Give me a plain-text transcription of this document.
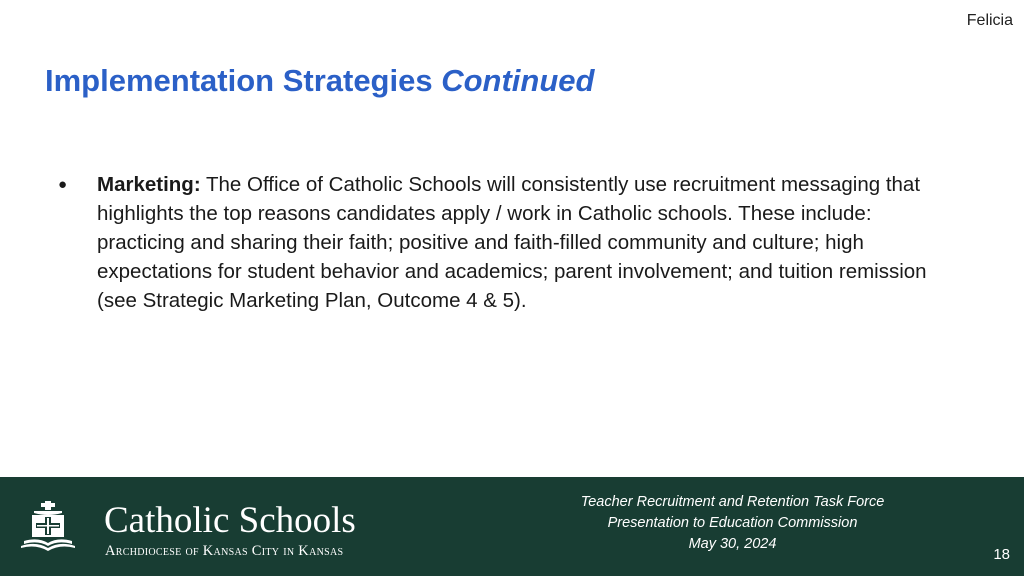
Felicia
Implementation Strategies Continued
● Marketing: The Office of Catholic Schools will consistently use recruitment messaging that highlights the top reasons candidates apply / work in Catholic schools. These include: practicing and sharing their faith; positive and faith-filled community and culture; high expectations for student behavior and academics; parent involvement; and tuition remission (see Strategic Marketing Plan, Outcome 4 & 5).
Catholic Schools
Archdiocese of Kansas City in Kansas
Teacher Recruitment and Retention Task Force
Presentation to Education Commission
May 30, 2024
18
